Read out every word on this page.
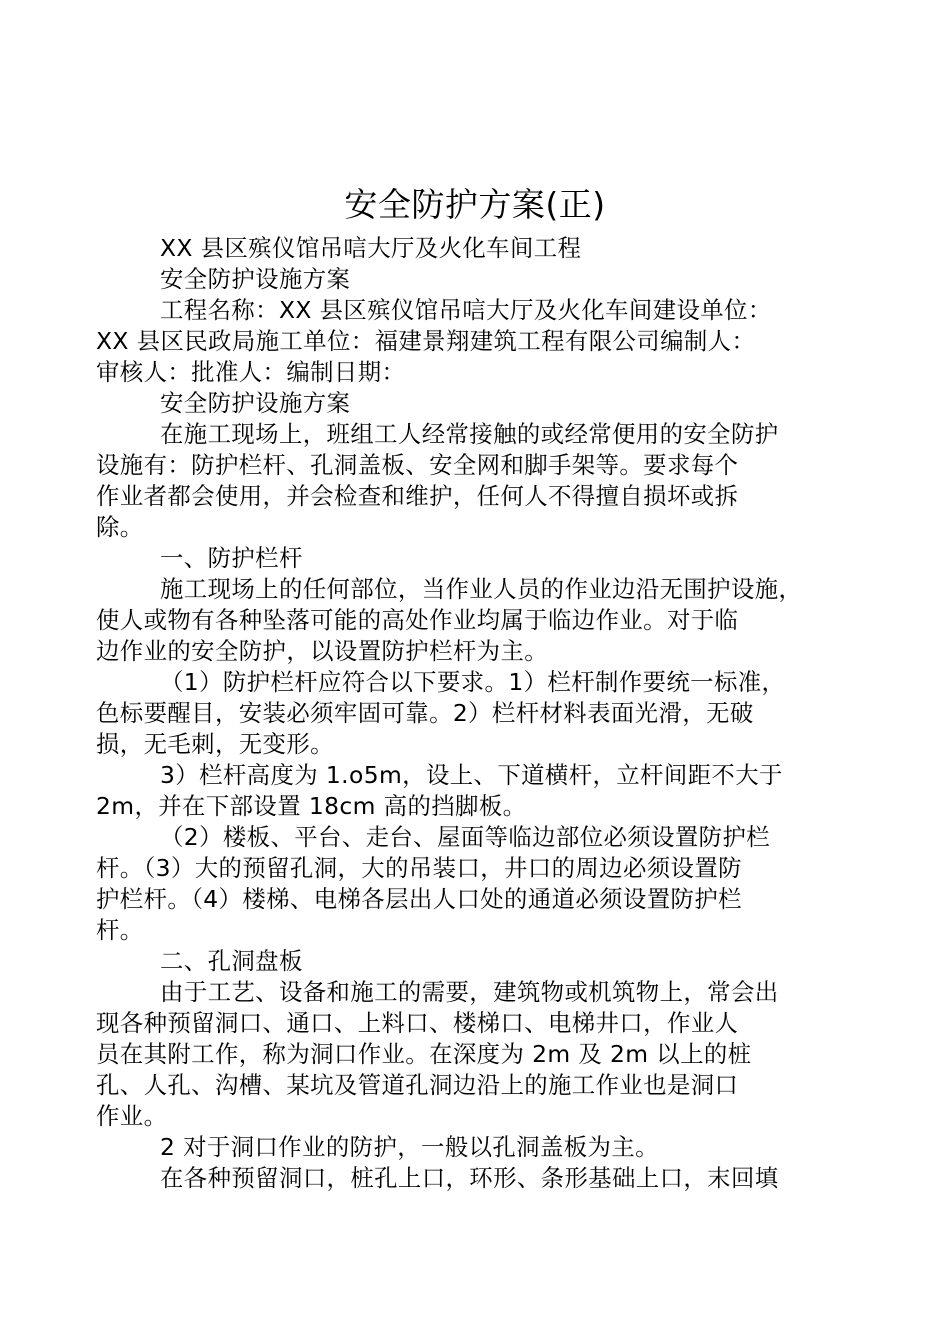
安全防护方案(正)

XX 县区殡仪馆吊唁大厅及火化车间工程

安全防护设施方案

工程名称：XX 县区殡仪馆吊唁大厅及火化车间建设单位：
XX 县区民政局施工单位：福建景翔建筑工程有限公司编制人：
审核人：批准人：编制日期：

安全防护设施方案

在施工现场上，班组工人经常接触的或经常便用的安全防护
设施有：防护栏杆、孔洞盖板、安全网和脚手架等。要求每个
作业者都会使用，并会检查和维护，任何人不得擅自损坏或拆
除。

一、防护栏杆

施工现场上的任何部位，当作业人员的作业边沿无围护设施，
使人或物有各种坠落可能的高处作业均属于临边作业。对于临
边作业的安全防护，以设置防护栏杆为主。

（1）防护栏杆应符合以下要求。1）栏杆制作要统一标准，
色标要醒目，安装必须牢固可靠。2）栏杆材料表面光滑，无破
损，无毛刺，无变形。

3）栏杆高度为 1.o5m，设上、下道横杆，立杆间距不大于
2m，并在下部设置 18cm 高的挡脚板。

（2）楼板、平台、走台、屋面等临边部位必须设置防护栏
杆。（3）大的预留孔洞，大的吊装口，井口的周边必须设置防
护栏杆。（4）楼梯、电梯各层出人口处的通道必须设置防护栏
杆。

二、孔洞盘板

由于工艺、设备和施工的需要，建筑物或机筑物上，常会出
现各种预留洞口、通口、上料口、楼梯口、电梯井口，作业人
员在其附工作，称为洞口作业。在深度为 2m 及 2m 以上的桩
孔、人孔、沟槽、某坑及管道孔洞边沿上的施工作业也是洞口
作业。

2 对于洞口作业的防护，一般以孔洞盖板为主。

在各种预留洞口，桩孔上口，环形、条形基础上口，末回填
